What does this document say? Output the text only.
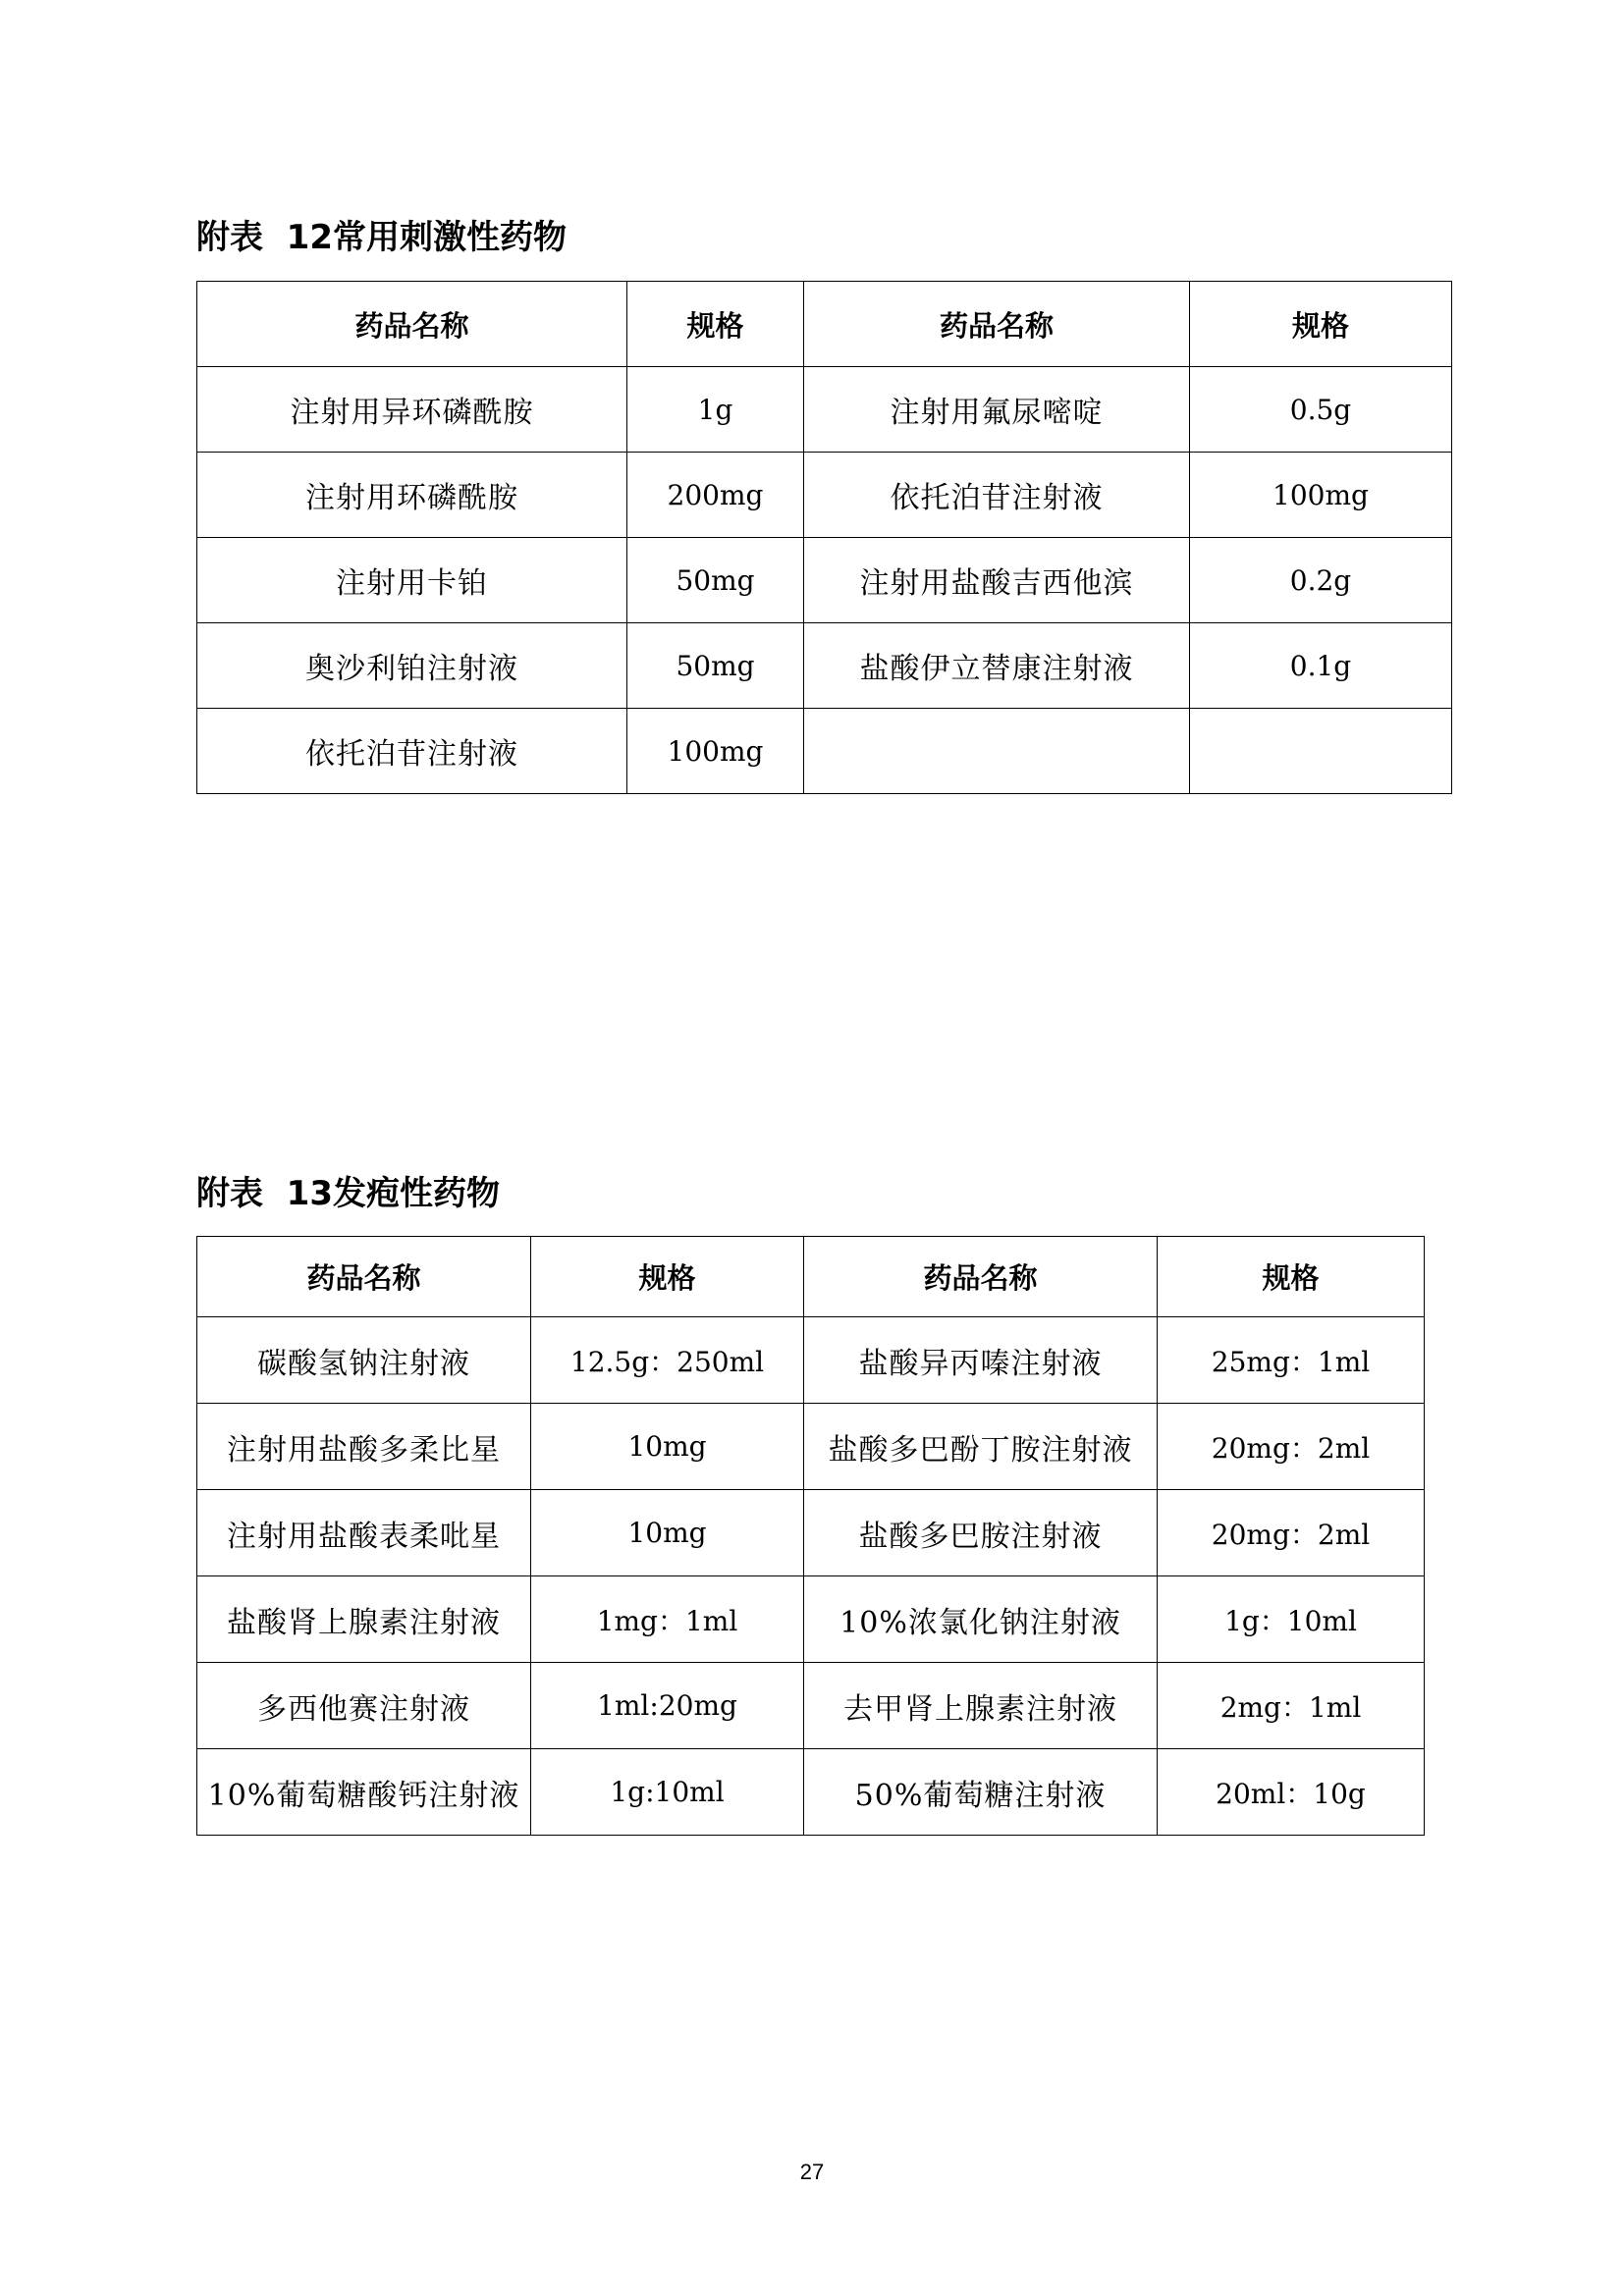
附表  12常用刺激性药物
药品名称	规格	药品名称	规格
注射用异环磷酰胺	1g	注射用氟尿嘧啶	0.5g
注射用环磷酰胺	200mg	依托泊苷注射液	100mg
注射用卡铂	50mg	注射用盐酸吉西他滨	0.2g
奥沙利铂注射液	50mg	盐酸伊立替康注射液	0.1g
依托泊苷注射液	100mg		
附表  13发疱性药物
药品名称	规格	药品名称	规格
碳酸氢钠注射液	12.5g：250ml	盐酸异丙嗪注射液	25mg：1ml
注射用盐酸多柔比星	10mg	盐酸多巴酚丁胺注射液	20mg：2ml
注射用盐酸表柔吡星	10mg	盐酸多巴胺注射液	20mg：2ml
盐酸肾上腺素注射液	1mg：1ml	10%浓氯化钠注射液	1g：10ml
多西他赛注射液	1ml:20mg	去甲肾上腺素注射液	2mg：1ml
10%葡萄糖酸钙注射液	1g:10ml	50%葡萄糖注射液	20ml：10g
27
